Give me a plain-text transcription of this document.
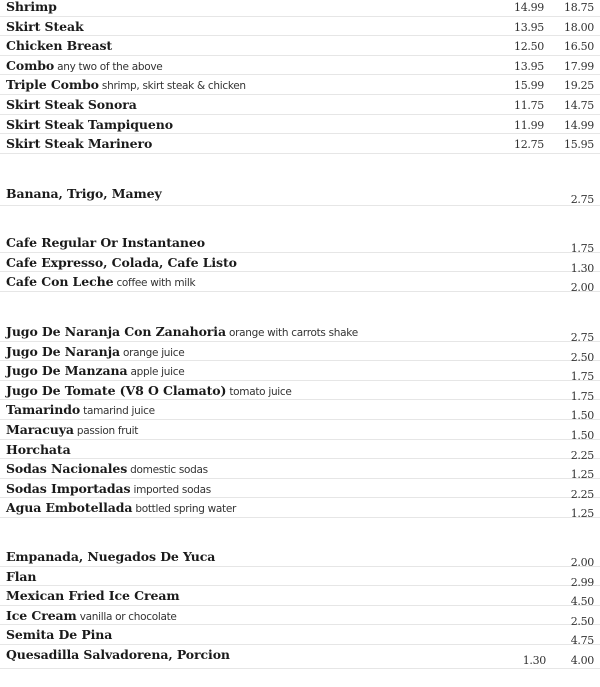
Shrimp	14.99 18.75
Skirt Steak	13.95 18.00
Chicken Breast	12.50 16.50
Combo any two of the above	13.95 17.99
Triple Combo shrimp, skirt steak & chicken	15.99 19.25
Skirt Steak Sonora	11.75 14.75
Skirt Steak Tampiqueno	11.99 14.99
Skirt Steak Marinero	12.75 15.95
Banana, Trigo, Mamey	2.75
Cafe Regular Or Instantaneo	1.75
Cafe Expresso, Colada, Cafe Listo	1.30
Cafe Con Leche coffee with milk	2.00
Jugo De Naranja Con Zanahoria orange with carrots shake	2.75
Jugo De Naranja orange juice	2.50
Jugo De Manzana apple juice	1.75
Jugo De Tomate (V8 O Clamato) tomato juice	1.75
Tamarindo tamarind juice	1.50
Maracuya passion fruit	1.50
Horchata	2.25
Sodas Nacionales domestic sodas	1.25
Sodas Importadas imported sodas	2.25
Agua Embotellada bottled spring water	1.25
Empanada, Nuegados De Yuca	2.00
Flan	2.99
Mexican Fried Ice Cream	4.50
Ice Cream vanilla or chocolate	2.50
Semita De Pina	4.75
Quesadilla Salvadorena, Porcion	1.30 4.00
